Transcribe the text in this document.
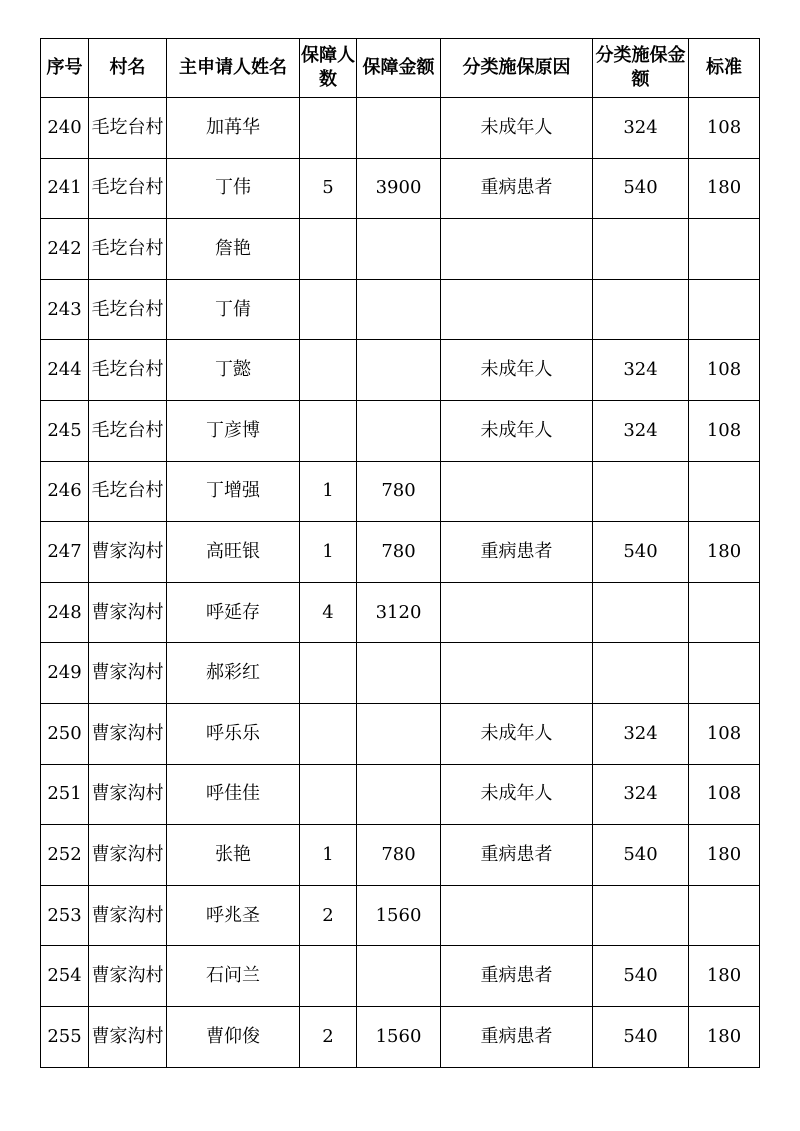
序号	村名	主申请人姓名	保障人数	保障金额	分类施保原因	分类施保金额	标准
240	毛圪台村	加苒华			未成年人	324	108
241	毛圪台村	丁伟	5	3900	重病患者	540	180
242	毛圪台村	詹艳					
243	毛圪台村	丁倩					
244	毛圪台村	丁懿			未成年人	324	108
245	毛圪台村	丁彦博			未成年人	324	108
246	毛圪台村	丁增强	1	780			
247	曹家沟村	高旺银	1	780	重病患者	540	180
248	曹家沟村	呼延存	4	3120			
249	曹家沟村	郝彩红					
250	曹家沟村	呼乐乐			未成年人	324	108
251	曹家沟村	呼佳佳			未成年人	324	108
252	曹家沟村	张艳	1	780	重病患者	540	180
253	曹家沟村	呼兆圣	2	1560			
254	曹家沟村	石问兰			重病患者	540	180
255	曹家沟村	曹仰俊	2	1560	重病患者	540	180
